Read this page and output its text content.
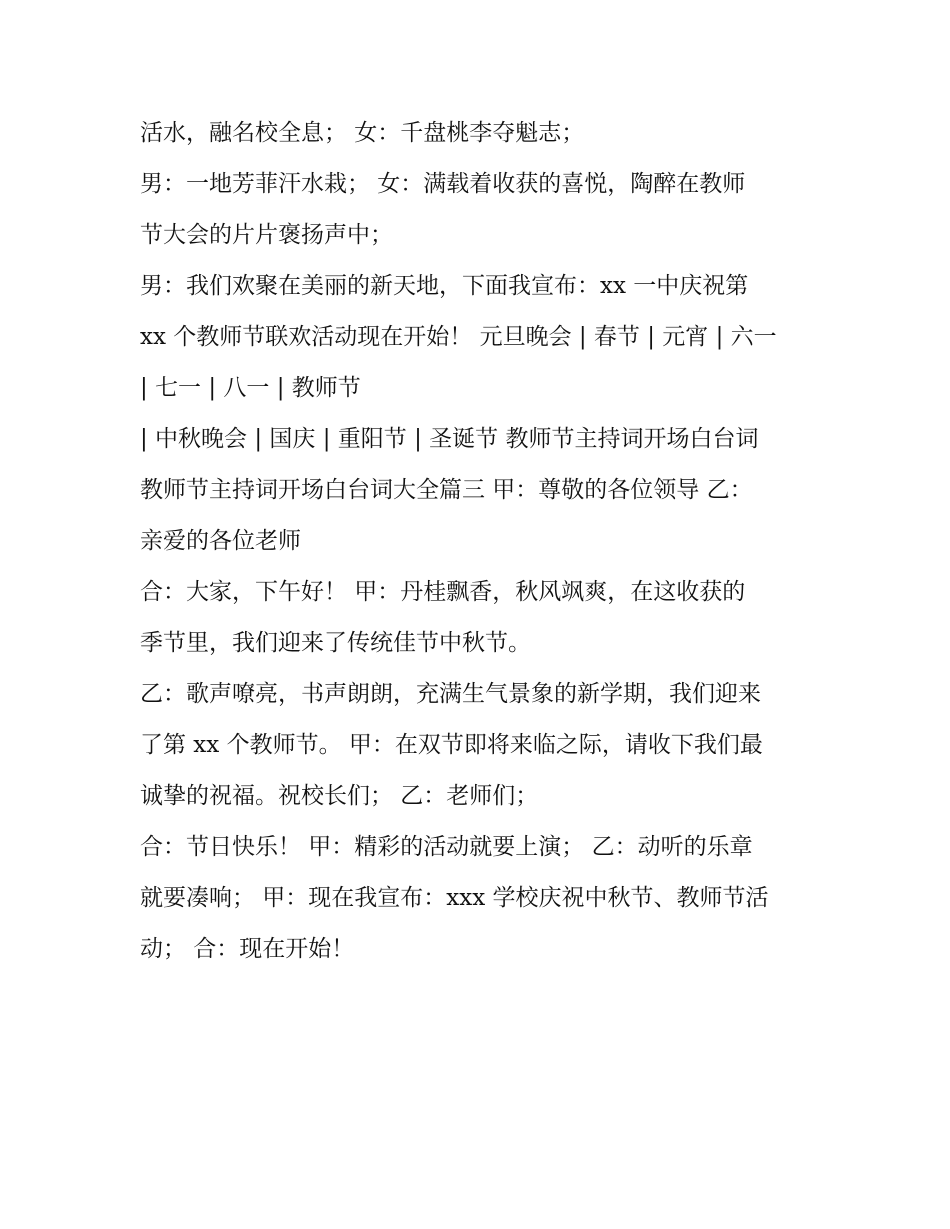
活水，融名校全息； 女：千盘桃李夺魁志；
男：一地芳菲汗水栽； 女：满载着收获的喜悦，陶醉在教师
节大会的片片褒扬声中；
男：我们欢聚在美丽的新天地，下面我宣布：xx 一中庆祝第
xx 个教师节联欢活动现在开始！ 元旦晚会 | 春节 | 元宵 | 六一
| 七一 | 八一 | 教师节
| 中秋晚会 | 国庆 | 重阳节 | 圣诞节 教师节主持词开场白台词
教师节主持词开场白台词大全篇三 甲：尊敬的各位领导 乙：
亲爱的各位老师
合：大家，下午好！ 甲：丹桂飘香，秋风飒爽，在这收获的
季节里，我们迎来了传统佳节中秋节。
乙：歌声嘹亮，书声朗朗，充满生气景象的新学期，我们迎来
了第 xx 个教师节。 甲：在双节即将来临之际，请收下我们最
诚挚的祝福。祝校长们； 乙：老师们；
合：节日快乐！ 甲：精彩的活动就要上演； 乙：动听的乐章
就要凑响； 甲：现在我宣布：xxx 学校庆祝中秋节、教师节活
动； 合：现在开始！
